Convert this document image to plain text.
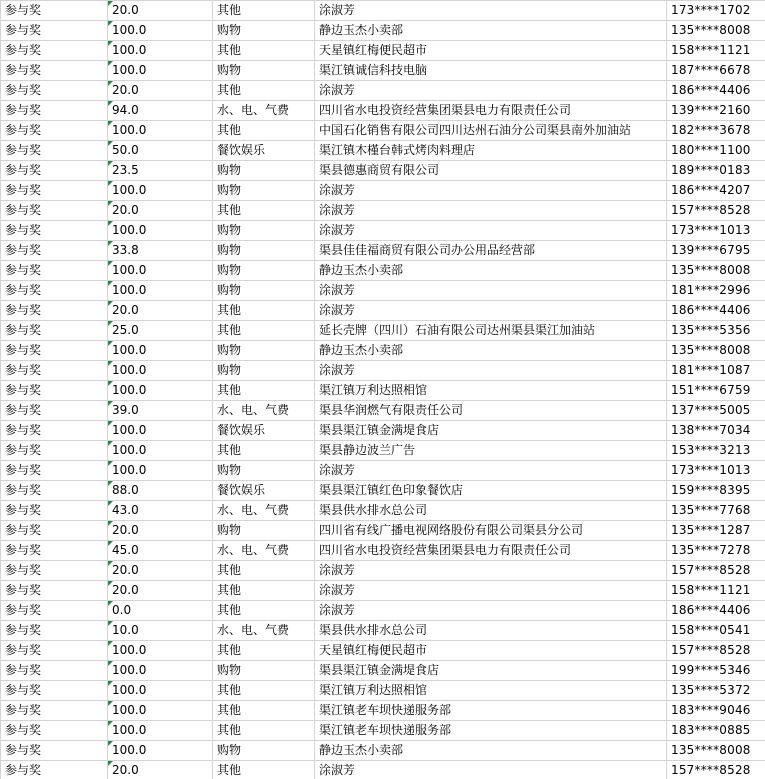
参与奖	20.0	其他	涂淑芳	173****1702
参与奖	100.0	购物	静边玉杰小卖部	135****8008
参与奖	100.0	其他	天星镇红梅便民超市	158****1121
参与奖	100.0	购物	渠江镇诚信科技电脑	187****6678
参与奖	20.0	其他	涂淑芳	186****4406
参与奖	94.0	水、电、气费	四川省水电投资经营集团渠县电力有限责任公司	139****2160
参与奖	100.0	其他	中国石化销售有限公司四川达州石油分公司渠县南外加油站	182****3678
参与奖	50.0	餐饮娱乐	渠江镇木槿台韩式烤肉料理店	180****1100
参与奖	23.5	购物	渠县德惠商贸有限公司	189****0183
参与奖	100.0	购物	涂淑芳	186****4207
参与奖	20.0	其他	涂淑芳	157****8528
参与奖	100.0	购物	涂淑芳	173****1013
参与奖	33.8	购物	渠县佳佳福商贸有限公司办公用品经营部	139****6795
参与奖	100.0	购物	静边玉杰小卖部	135****8008
参与奖	100.0	购物	涂淑芳	181****2996
参与奖	20.0	其他	涂淑芳	186****4406
参与奖	25.0	其他	延长壳牌（四川）石油有限公司达州渠县渠江加油站	135****5356
参与奖	100.0	购物	静边玉杰小卖部	135****8008
参与奖	100.0	购物	涂淑芳	181****1087
参与奖	100.0	其他	渠江镇万利达照相馆	151****6759
参与奖	39.0	水、电、气费	渠县华润燃气有限责任公司	137****5005
参与奖	100.0	餐饮娱乐	渠县渠江镇金满堤食店	138****7034
参与奖	100.0	其他	渠县静边波兰广告	153****3213
参与奖	100.0	购物	涂淑芳	173****1013
参与奖	88.0	餐饮娱乐	渠县渠江镇红色印象餐饮店	159****8395
参与奖	43.0	水、电、气费	渠县供水排水总公司	135****7768
参与奖	20.0	购物	四川省有线广播电视网络股份有限公司渠县分公司	135****1287
参与奖	45.0	水、电、气费	四川省水电投资经营集团渠县电力有限责任公司	135****7278
参与奖	20.0	其他	涂淑芳	157****8528
参与奖	20.0	其他	涂淑芳	158****1121
参与奖	0.0	其他	涂淑芳	186****4406
参与奖	10.0	水、电、气费	渠县供水排水总公司	158****0541
参与奖	100.0	其他	天星镇红梅便民超市	157****8528
参与奖	100.0	购物	渠县渠江镇金满堤食店	199****5346
参与奖	100.0	其他	渠江镇万利达照相馆	135****5372
参与奖	100.0	其他	渠江镇老车坝快递服务部	183****9046
参与奖	100.0	其他	渠江镇老车坝快递服务部	183****0885
参与奖	100.0	购物	静边玉杰小卖部	135****8008
参与奖	20.0	其他	涂淑芳	157****8528
